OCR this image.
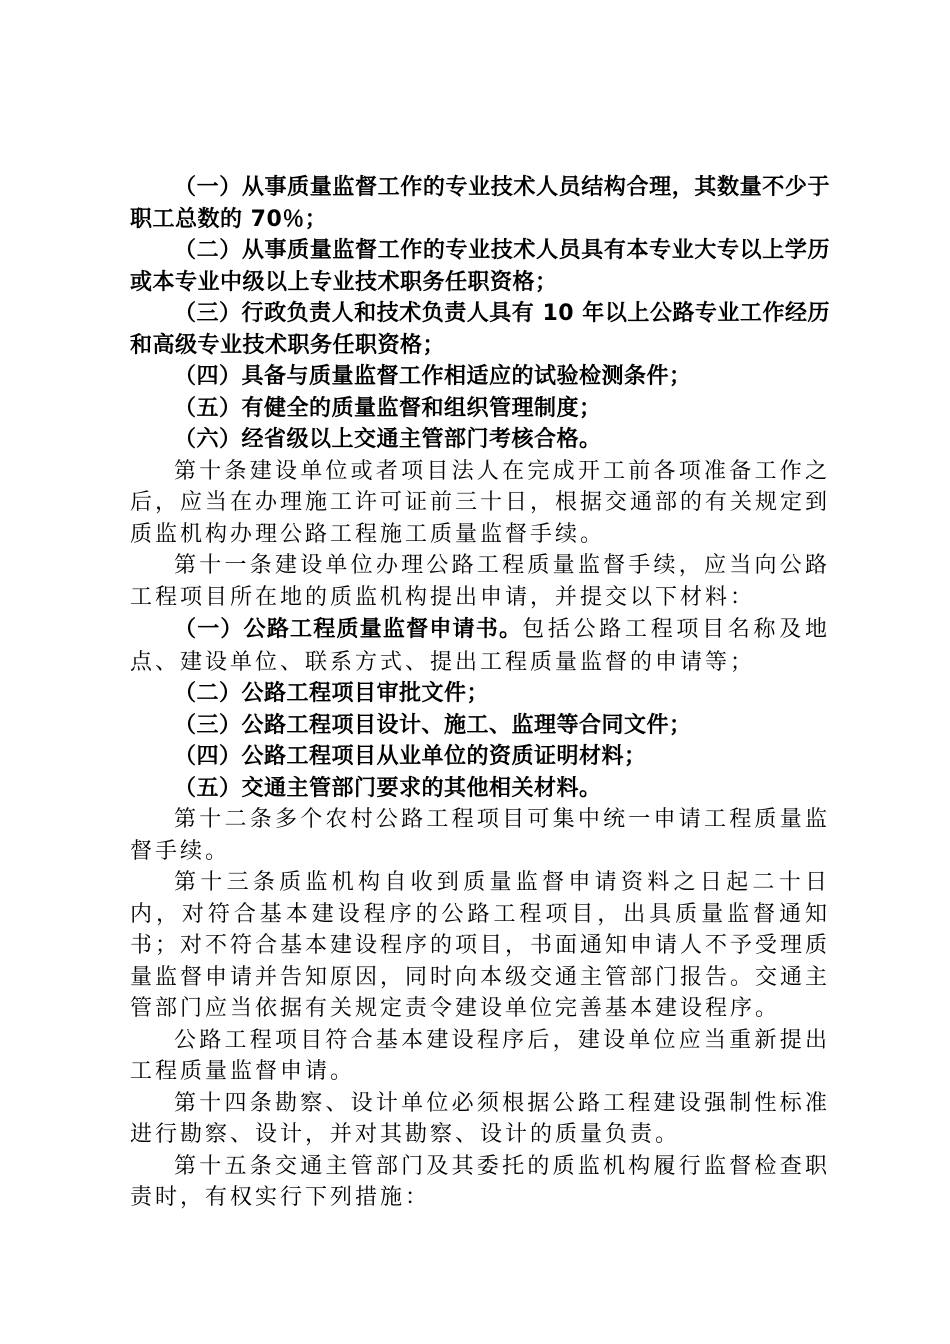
（一）从事质量监督工作的专业技术人员结构合理，其数量不少于职工总数的 70％；

（二）从事质量监督工作的专业技术人员具有本专业大专以上学历或本专业中级以上专业技术职务任职资格；

（三）行政负责人和技术负责人具有 10 年以上公路专业工作经历和高级专业技术职务任职资格；

（四）具备与质量监督工作相适应的试验检测条件；

（五）有健全的质量监督和组织管理制度；

（六）经省级以上交通主管部门考核合格。

第十条建设单位或者项目法人在完成开工前各项准备工作之后，应当在办理施工许可证前三十日，根据交通部的有关规定到质监机构办理公路工程施工质量监督手续。

第十一条建设单位办理公路工程质量监督手续，应当向公路工程项目所在地的质监机构提出申请，并提交以下材料：

（一）公路工程质量监督申请书。包括公路工程项目名称及地点、建设单位、联系方式、提出工程质量监督的申请等；

（二）公路工程项目审批文件；

（三）公路工程项目设计、施工、监理等合同文件；

（四）公路工程项目从业单位的资质证明材料；

（五）交通主管部门要求的其他相关材料。

第十二条多个农村公路工程项目可集中统一申请工程质量监督手续。

第十三条质监机构自收到质量监督申请资料之日起二十日内，对符合基本建设程序的公路工程项目，出具质量监督通知书；对不符合基本建设程序的项目，书面通知申请人不予受理质量监督申请并告知原因，同时向本级交通主管部门报告。交通主管部门应当依据有关规定责令建设单位完善基本建设程序。

公路工程项目符合基本建设程序后，建设单位应当重新提出工程质量监督申请。

第十四条勘察、设计单位必须根据公路工程建设强制性标准进行勘察、设计，并对其勘察、设计的质量负责。

第十五条交通主管部门及其委托的质监机构履行监督检查职责时，有权实行下列措施：
